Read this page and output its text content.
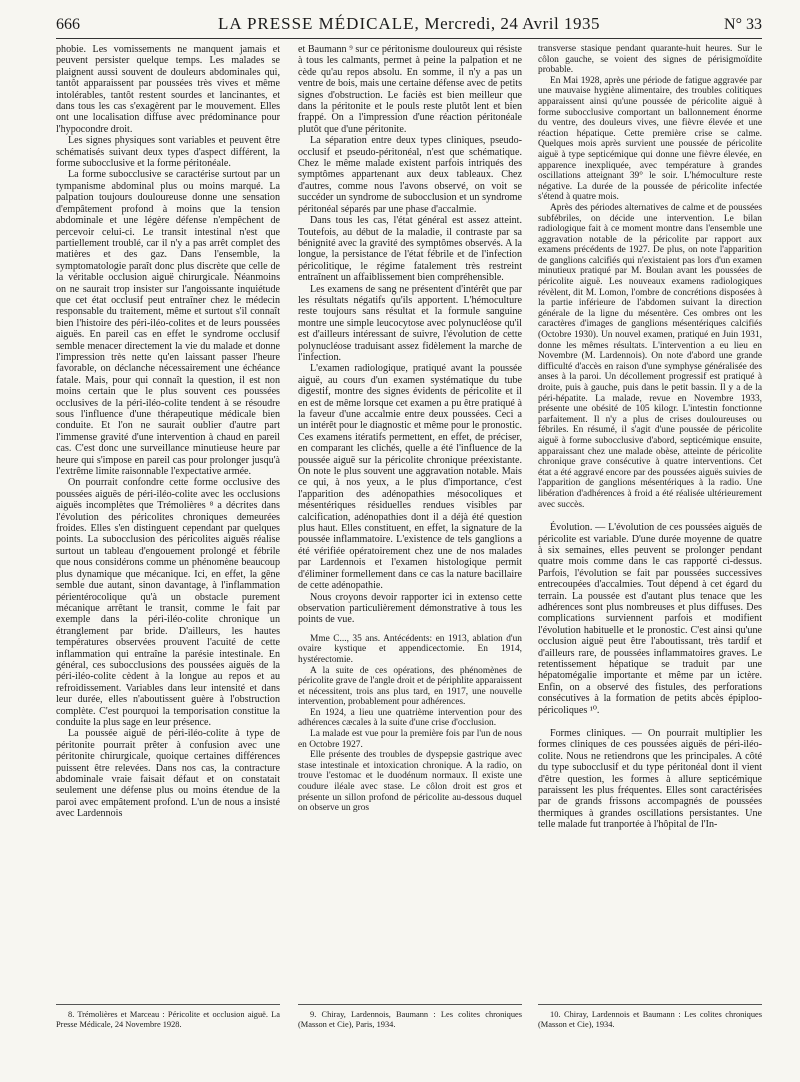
666	LA PRESSE MÉDICALE, Mercredi, 24 Avril 1935	N° 33

phobie. Les vomissements ne manquent jamais et peuvent persister quelque temps. Les malades se plaignent aussi souvent de douleurs abdominales qui, tantôt apparaissent par poussées très vives et même intolérables, tantôt restent sourdes et lancinantes, et dans tous les cas s'exagèrent par le mouvement. Elles ont une localisation diffuse avec prédominance pour l'hypocondre droit.

Les signes physiques sont variables et peuvent être schématisés suivant deux types d'aspect différent, la forme subocclusive et la forme péritonéale.

La forme subocclusive se caractérise surtout par un tympanisme abdominal plus ou moins marqué. La palpation toujours douloureuse donne une sensation d'empâtement profond à moins que la tension abdominale et une légère défense n'empêchent de percevoir celui-ci. Le transit intestinal n'est que partiellement troublé, car il n'y a pas arrêt complet des matières et des gaz. Dans l'ensemble, la symptomatologie paraît donc plus discrète que celle de la véritable occlusion aiguë chirurgicale. Néanmoins on ne saurait trop insister sur l'angoissante inquiétude que cet état occlusif peut entraîner chez le médecin responsable du traitement, même et surtout s'il connaît bien l'histoire des péri-iléo-colites et de leurs poussées aiguës. En pareil cas en effet le syndrome occlusif semble menacer directement la vie du malade et donne l'impression très nette qu'en laissant passer l'heure favorable, on déclanche nécessairement une échéance fatale. Mais, pour qui connaît la question, il est non moins certain que le plus souvent ces poussées occlusives de la péri-iléo-colite tendent à se résoudre sous l'influence d'une thérapeutique médicale bien conduite. Et l'on ne saurait oublier d'autre part l'immense gravité d'une intervention à chaud en pareil cas. C'est donc une surveillance minutieuse heure par heure qui s'impose en pareil cas pour prolonger jusqu'à l'extrême limite raisonnable l'expectative armée.

On pourrait confondre cette forme occlusive des poussées aiguës de péri-iléo-colite avec les occlusions aiguës incomplètes que Trémolières ⁸ a décrites dans l'évolution des péricolites chroniques demeurées froides. Elles s'en distinguent cependant par quelques points. La subocclusion des péricolites aiguës réalise surtout un tableau d'engouement prolongé et fébrile que nous considérons comme un phénomène beaucoup plus dynamique que mécanique. Ici, en effet, la gêne semble due autant, sinon davantage, à l'inflammation périentérocolique qu'à un obstacle purement mécanique arrêtant le transit, comme le fait par exemple dans la péri-iléo-colite chronique un étranglement par bride. D'ailleurs, les hautes températures observées prouvent l'acuité de cette inflammation qui entraîne la parésie intestinale. En général, ces subocclusions des poussées aiguës de la péri-iléo-colite cèdent à la longue au repos et au refroidissement. Variables dans leur intensité et dans leur durée, elles n'aboutissent guère à l'obstruction complète. C'est pourquoi la temporisation constitue la conduite la plus sage en leur présence.

La poussée aiguë de péri-iléo-colite à type de péritonite pourrait prêter à confusion avec une péritonite chirurgicale, quoique certaines différences puissent être relevées. Dans nos cas, la contracture abdominale vraie faisait défaut et on constatait seulement une défense plus ou moins étendue de la paroi avec empâtement profond. L'un de nous a insisté avec Lardennois

et Baumann ⁹ sur ce péritonisme douloureux qui résiste à tous les calmants, permet à peine la palpation et ne cède qu'au repos absolu. En somme, il n'y a pas un ventre de bois, mais une certaine défense avec de petits signes d'obstruction. Le faciès est bien meilleur que dans la péritonite et le pouls reste plutôt lent et bien frappé. On a l'impression d'une réaction péritonéale plutôt que d'une péritonite.

La séparation entre deux types cliniques, pseudo-occlusif et pseudo-péritonéal, n'est que schématique. Chez le même malade existent parfois intriqués des symptômes appartenant aux deux tableaux. Chez d'autres, comme nous l'avons observé, on voit se succéder un syndrome de subocclusion et un syndrome péritonéal séparés par une phase d'accalmie.

Dans tous les cas, l'état général est assez atteint. Toutefois, au début de la maladie, il contraste par sa bénignité avec la gravité des symptômes observés. A la longue, la persistance de l'état fébrile et de l'infection péricolitique, le régime fatalement très restreint entraînent un affaiblissement bien compréhensible.

Les examens de sang ne présentent d'intérêt que par les résultats négatifs qu'ils apportent. L'hémoculture reste toujours sans résultat et la formule sanguine montre une simple leucocytose avec polynucléose qu'il est d'ailleurs intéressant de suivre, l'évolution de cette polynucléose traduisant assez fidèlement la marche de l'infection.

L'examen radiologique, pratiqué avant la poussée aiguë, au cours d'un examen systématique du tube digestif, montre des signes évidents de péricolite et il en est de même lorsque cet examen a pu être pratiqué à la faveur d'une accalmie entre deux poussées. Ceci a un intérêt pour le diagnostic et même pour le pronostic. Ces examens itératifs permettent, en effet, de préciser, en comparant les clichés, quelle a été l'influence de la poussée aiguë sur la péricolite chronique préexistante. On note le plus souvent une aggravation notable. Mais ce qui, à nos yeux, a le plus d'importance, c'est l'apparition des adénopathies mésocoliques et mésentériques résiduelles rendues visibles par calcification, adénopathies dont il a déjà été question plus haut. Elles constituent, en effet, la signature de la poussée inflammatoire. L'existence de tels ganglions a été vérifiée opératoirement chez une de nos malades par Lardennois et l'examen histologique permit d'éliminer formellement dans ce cas la nature bacillaire de cette adénopathie.

Nous croyons devoir rapporter ici in extenso cette observation particulièrement démonstrative à tous les points de vue.

Mme C..., 35 ans. Antécédents: en 1913, ablation d'un ovaire kystique et appendicectomie. En 1914, hystérectomie.

A la suite de ces opérations, des phénomènes de péricolite grave de l'angle droit et de périphlite apparaissent et nécessitent, trois ans plus tard, en 1917, une nouvelle intervention, probablement pour adhérences.

En 1924, a lieu une quatrième intervention pour des adhérences cæcales à la suite d'une crise d'occlusion.

La malade est vue pour la première fois par l'un de nous en Octobre 1927.

Elle présente des troubles de dyspepsie gastrique avec stase intestinale et intoxication chronique. A la radio, on trouve l'estomac et le duodénum normaux. Il existe une coudure iléale avec stase. Le côlon droit est gros et présente un sillon profond de péricolite au-dessous duquel on observe un gros

transverse stasique pendant quarante-huit heures. Sur le côlon gauche, se voient des signes de périsigmoïdite probable.

En Mai 1928, après une période de fatigue aggravée par une mauvaise hygiène alimentaire, des troubles colitiques apparaissent ainsi qu'une poussée de péricolite aiguë à forme subocclusive comportant un ballonnement énorme du ventre, des douleurs vives, une fièvre élevée et une réaction hépatique. Cette première crise se calme. Quelques mois après survient une poussée de péricolite aiguë à type septicémique qui donne une fièvre élevée, en apparence inexpliquée, avec température à grandes oscillations atteignant 39° le soir. L'hémoculture reste négative. La durée de la poussée de péricolite infectée s'étend à quatre mois.

Après des périodes alternatives de calme et de poussées subfébriles, on décide une intervention. Le bilan radiologique fait à ce moment montre dans l'ensemble une aggravation notable de la péricolite par rapport aux examens précédents de 1927. De plus, on note l'apparition de ganglions calcifiés qui n'existaient pas lors d'un examen minutieux pratiqué par M. Boulan avant les poussées de péricolite aiguë. Les nouveaux examens radiologiques révèlent, dit M. Lomon, l'ombre de concrétions disposées à la partie inférieure de l'abdomen suivant la direction générale de la ligne du mésentère. Ces ombres ont les caractères d'images de ganglions mésentériques calcifiés (Octobre 1930). Un nouvel examen, pratiqué en Juin 1931, donne les mêmes résultats. L'intervention a eu lieu en Novembre (M. Lardennois). On note d'abord une grande difficulté d'accès en raison d'une symphyse généralisée des anses à la paroi. Un décollement progressif est pratiqué à droite, puis à gauche, puis dans le petit bassin. Il y a de la péri-hépatite. La malade, revue en Novembre 1933, présente une obésité de 105 kilogr. L'intestin fonctionne parfaitement. Il n'y a plus de crises douloureuses ou fébriles. En résumé, il s'agit d'une poussée de péricolite aiguë à forme subocclusive d'abord, septicémique ensuite, apparaissant chez une malade obèse, atteinte de péricolite chronique grave consécutive à quatre interventions. Cet état a été aggravé encore par des poussées aiguës suivies de l'apparition de ganglions mésentériques à la radio. Une libération d'adhérences à froid a été réalisée ultérieurement avec succès.

Évolution. — L'évolution de ces poussées aiguës de péricolite est variable. D'une durée moyenne de quatre à six semaines, elles peuvent se prolonger pendant quatre mois comme dans le cas rapporté ci-dessus. Parfois, l'évolution se fait par poussées successives entrecoupées d'accalmies. Tout dépend à cet égard du terrain. La poussée est d'autant plus tenace que les adhérences sont plus nombreuses et plus diffuses. Des complications surviennent parfois et modifient l'évolution habituelle et le pronostic. C'est ainsi qu'une occlusion aiguë peut être l'aboutissant, très tardif et d'ailleurs rare, de poussées inflammatoires graves. Le retentissement hépatique se traduit par une hépatomégalie importante et même par un ictère. Enfin, on a observé des fistules, des perforations consécutives à la formation de petits abcès épiploo-péricoliques ¹⁰.

Formes cliniques. — On pourrait multiplier les formes cliniques de ces poussées aiguës de péri-iléo-colite. Nous ne retiendrons que les principales. A côté du type subocclusif et du type péritonéal dont il vient d'être question, les formes à allure septicémique paraissent les plus fréquentes. Elles sont caractérisées par de grands frissons accompagnés de poussées thermiques à grandes oscillations persistantes. Une telle malade fut tranportée à l'hôpital de l'In-

8. Trémolières et Marceau : Péricolite et occlusion aiguë. La Presse Médicale, 24 Novembre 1928.
9. Chiray, Lardennois, Baumann : Les colites chroniques (Masson et Cie), Paris, 1934.
10. Chiray, Lardennois et Baumann : Les colites chroniques (Masson et Cie), 1934.
